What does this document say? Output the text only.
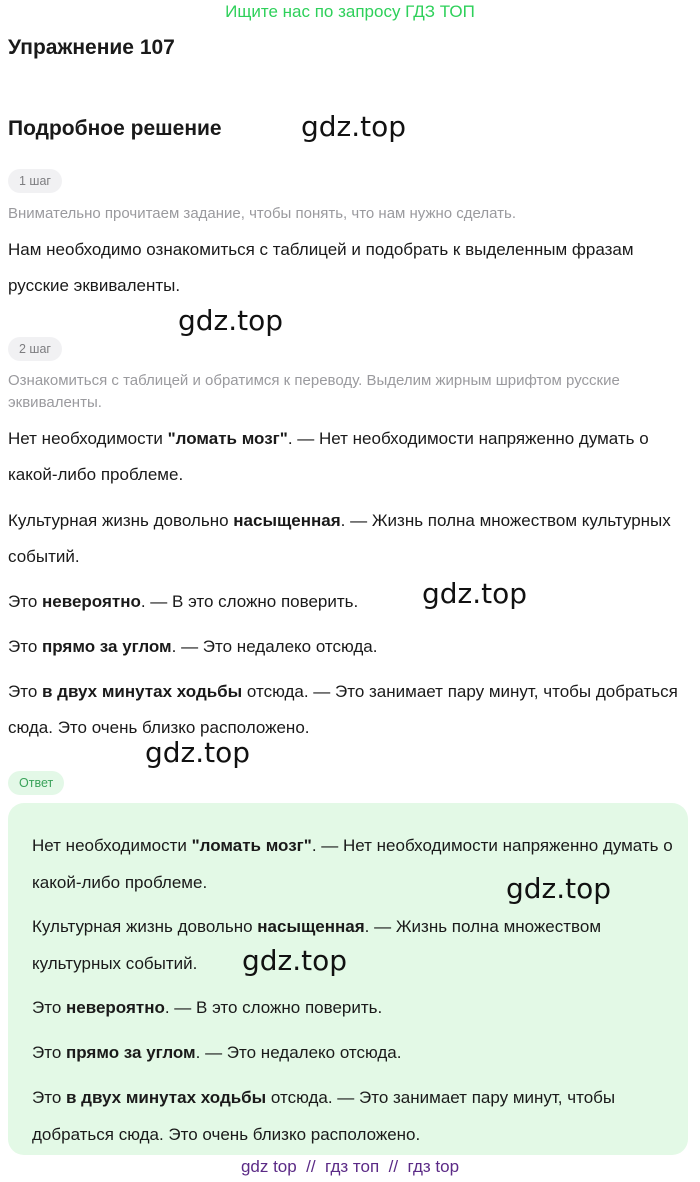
Ищите нас по запросу ГДЗ ТОП
Упражнение 107
Подробное решение	gdz.top
1 шаг
Внимательно прочитаем задание, чтобы понять, что нам нужно сделать.
Нам необходимо ознакомиться с таблицей и подобрать к выделенным фразам русские эквиваленты.
gdz.top
2 шаг
Ознакомиться с таблицей и обратимся к переводу. Выделим жирным шрифтом русские эквиваленты.
Нет необходимости "ломать мозг". — Нет необходимости напряженно думать о какой-либо проблеме.
Культурная жизнь довольно насыщенная. — Жизнь полна множеством культурных событий.
Это невероятно. — В это сложно поверить.	gdz.top
Это прямо за углом. — Это недалеко отсюда.
Это в двух минутах ходьбы отсюда. — Это занимает пару минут, чтобы добраться сюда. Это очень близко расположено.
gdz.top
Ответ
Нет необходимости "ломать мозг". — Нет необходимости напряженно думать о какой-либо проблеме.	gdz.top
Культурная жизнь довольно насыщенная. — Жизнь полна множеством культурных событий.	gdz.top
Это невероятно. — В это сложно поверить.
Это прямо за углом. — Это недалеко отсюда.
Это в двух минутах ходьбы отсюда. — Это занимает пару минут, чтобы добраться сюда. Это очень близко расположено.
gdz top  //  гдз топ  //  гдз top
